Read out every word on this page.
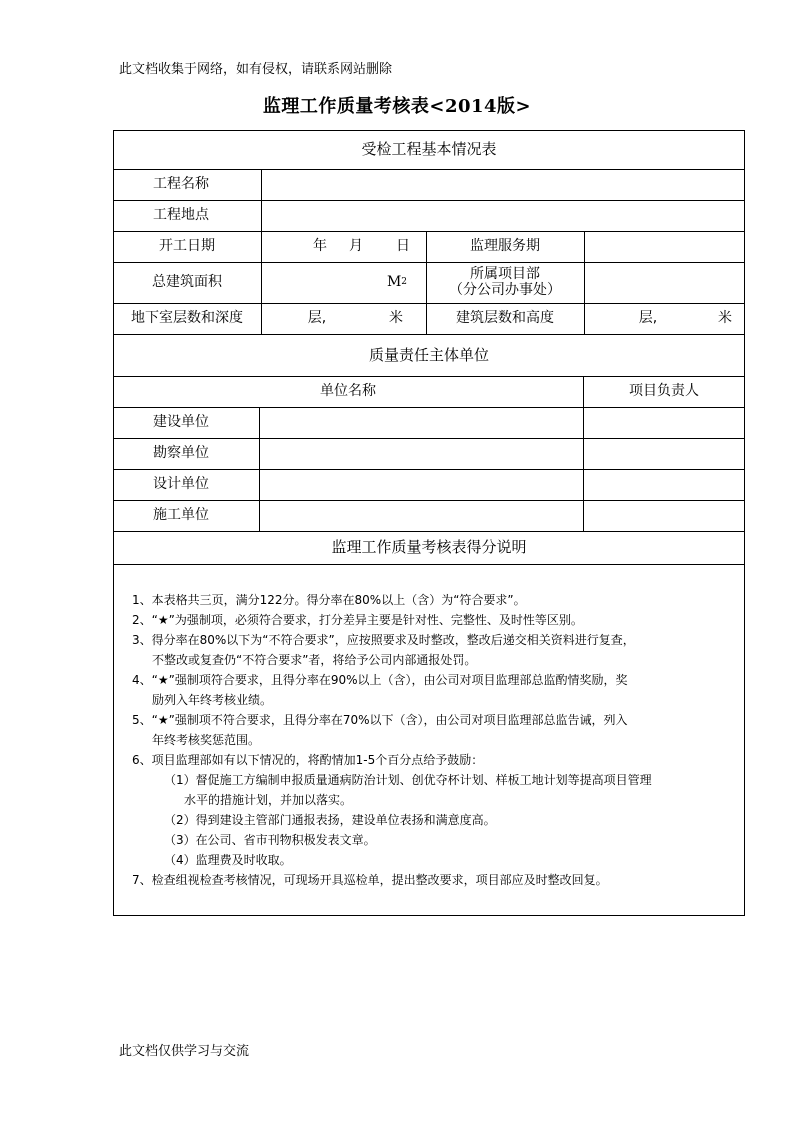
此文档收集于网络，如有侵权，请联系网站删除
监理工作质量考核表<2014版>
受检工程基本情况表
工程名称
工程地点
开工日期	年 月 日	监理服务期
总建筑面积	M 2	所属项目部
（分公司办事处）
地下室层数和深度	层,	米	建筑层数和高度	层,	米
质量责任主体单位
单位名称	项目负责人
建设单位
勘察单位
设计单位
施工单位
监理工作质量考核表得分说明
1、本表格共三页，满分122分。得分率在80%以上（含）为“符合要求”。
2、“★”为强制项，必须符合要求，打分差异主要是针对性、完整性、及时性等区别。
3、得分率在80%以下为“不符合要求”，应按照要求及时整改，整改后递交相关资料进行复查，
不整改或复查仍“不符合要求”者，将给予公司内部通报处罚。
4、“★”强制项符合要求，且得分率在90%以上（含），由公司对项目监理部总监酌情奖励，奖
励列入年终考核业绩。
5、“★”强制项不符合要求，且得分率在70%以下（含），由公司对项目监理部总监告诫，列入
年终考核奖惩范围。
6、项目监理部如有以下情况的，将酌情加1-5个百分点给予鼓励：
（1）督促施工方编制申报质量通病防治计划、创优夺杯计划、样板工地计划等提高项目管理
水平的措施计划，并加以落实。
（2）得到建设主管部门通报表扬，建设单位表扬和满意度高。
（3）在公司、省市刊物积极发表文章。
（4）监理费及时收取。
7、检查组视检查考核情况，可现场开具巡检单，提出整改要求，项目部应及时整改回复。
此文档仅供学习与交流
